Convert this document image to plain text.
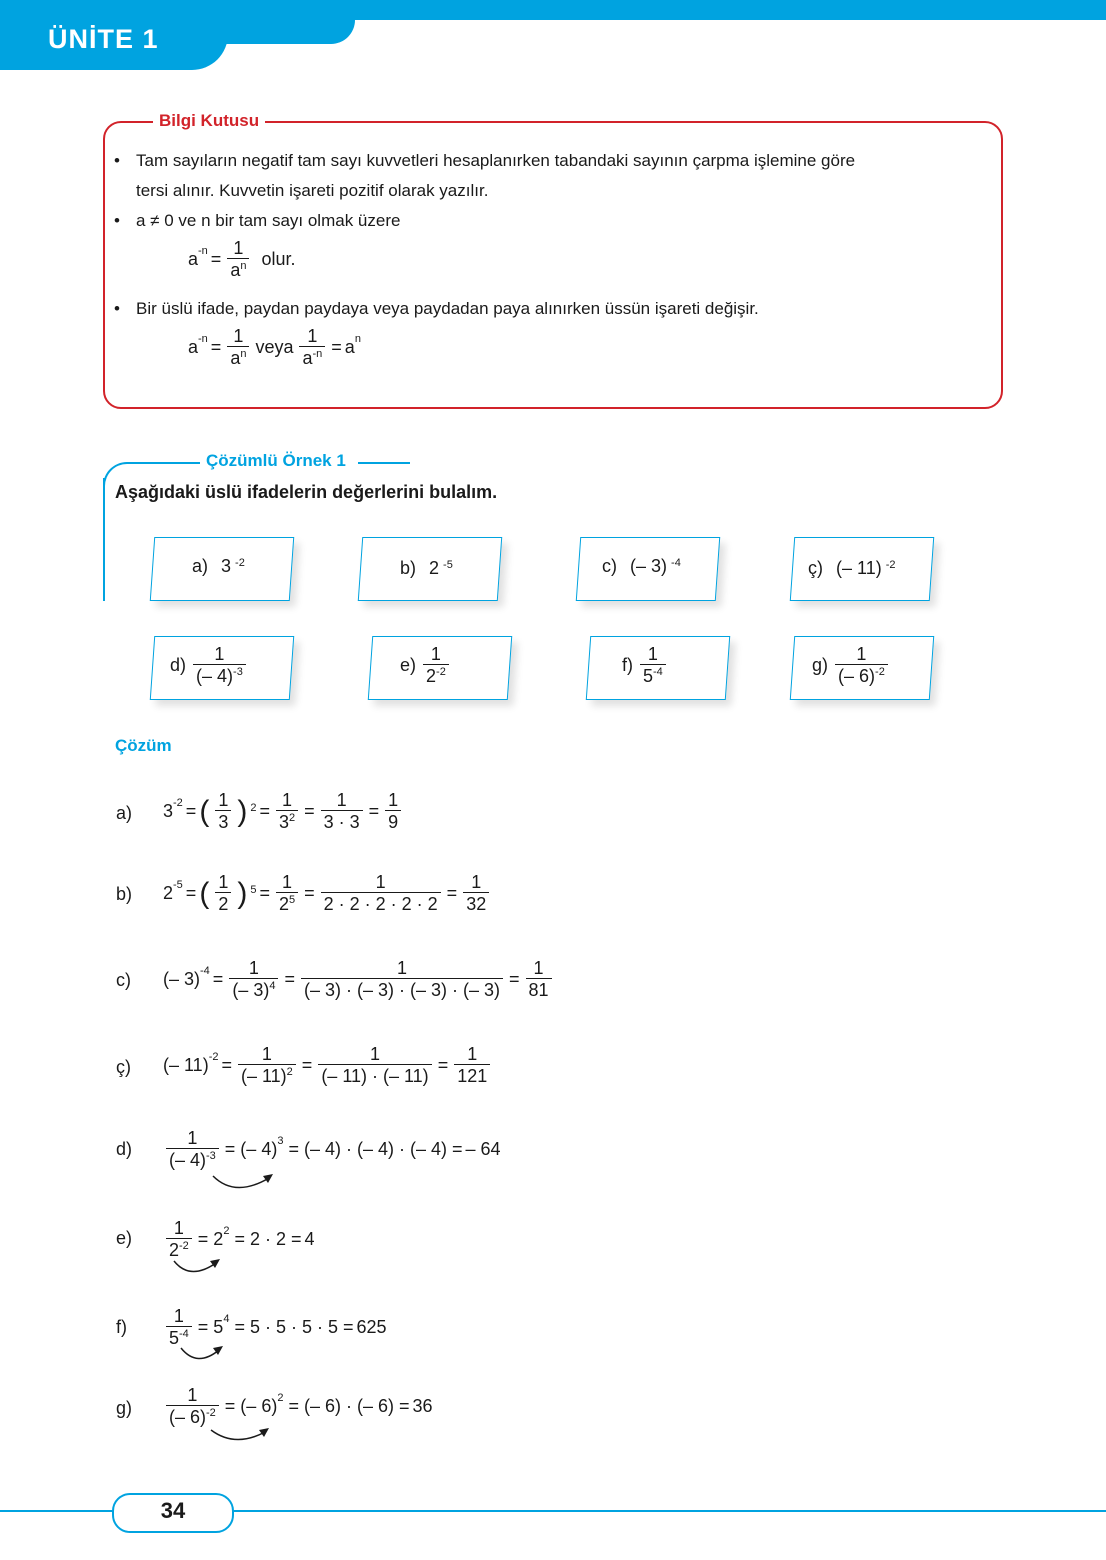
ÜNİTE 1
Bilgi Kutusu
• Tam sayıların negatif tam sayı kuvvetleri hesaplanırken tabandaki sayının çarpma işlemine göre
tersi alınır. Kuvvetin işareti pozitif olarak yazılır.
• a ≠ 0 ve n bir tam sayı olmak üzere
$a^{-n} = \frac{1}{a^n}$ olur.
• Bir üslü ifade, paydan paydaya veya paydadan paya alınırken üssün işareti değişir.
$a^{-n} = \frac{1}{a^n}$ veya $\frac{1}{a^{-n}} = a^n$
Çözümlü Örnek 1
Aşağıdaki üslü ifadelerin değerlerini bulalım.
a)
3 $^{-2}$	b)
2 $^{-5}$	c)
(– 3) $^{-4}$	ç)
(– 11) $^{-2}$
$d) \frac{1}{(- 4)^{-3}}$	$e) \frac{1}{2^{-2}}$	$f) \frac{1}{5^{-4}}$	$g) \frac{1}{(- 6)^{-2}}$
Çözüm
a) $3^{-2}$ = ( $\frac{1}{3}$ ) $^2 = \frac{1}{3^2} = \frac{1}{3 \cdot 3} = \frac{1}{9}$
b) $2^{-5}$ = ( $\frac{1}{2}$ ) $^5 = \frac{1}{2^5} = \frac{1}{2 \cdot 2 \cdot 2 \cdot 2 \cdot 2} = \frac{1}{32}$
c) (– $3)^{-4} = \frac{1}{(- 3)^4} = \frac{1}{(- 3) \cdot (- 3) \cdot (- 3) \cdot (- 3)} = \frac{1}{81}$
ç) (– $11)^{-2} = \frac{1}{(- 11)^2} = \frac{1}{(- 11) \cdot (- 11)} = \frac{1}{121}$
$d) \frac{1}{(- 4)^{-3}}$ = (– 4)$^3$ = (– 4) · (– 4) · (– 4) = – 64
$e) \frac{1}{2^{-2}} = 2^2 = 2 \cdot 2 = 4$
$f) \frac{1}{5^{-4}} = 5^4 = 5 \cdot 5 \cdot 5 \cdot 5 = 625$
$g) \frac{1}{(- 6)^{-2}}$ = (– 6)$^2$ = (– 6) · (– 6) = 36
34
